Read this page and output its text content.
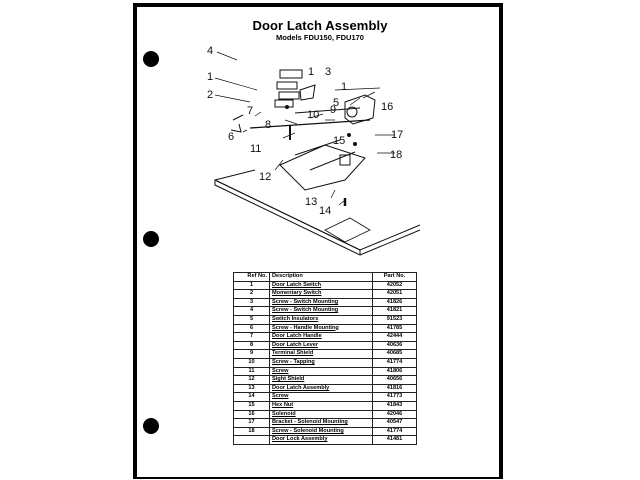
Door Latch Assembly
Models FDU150, FDU170
4
1	1 3
1
2
5
10 9
7
8
6
11
12
15
16
17
18
13
14
Ref No.	Description	Part No.
1	Door Latch Switch	42052
2	Momentary Switch	42051
3	Screw - Switch Mounting	41826
4	Screw - Switch Mounting	41821
5	Switch Insulators	91523
6	Screw - Handle Mounting	41785
7	Door Latch Handle	42444
8	Door Latch Lever	40636
9	Terminal Shield	40685
10	Screw - Tapping	41774
11	Screw	41806
12	Sight Shield	40656
13	Door Latch Assembly	41816
14	Screw	41773
15	Hex Nut	41843
16	Solenoid	42046
17	Bracket - Solenoid Mounting	40547
18	Screw - Solenoid Mounting	41774
	Door Lock Assembly	41481
